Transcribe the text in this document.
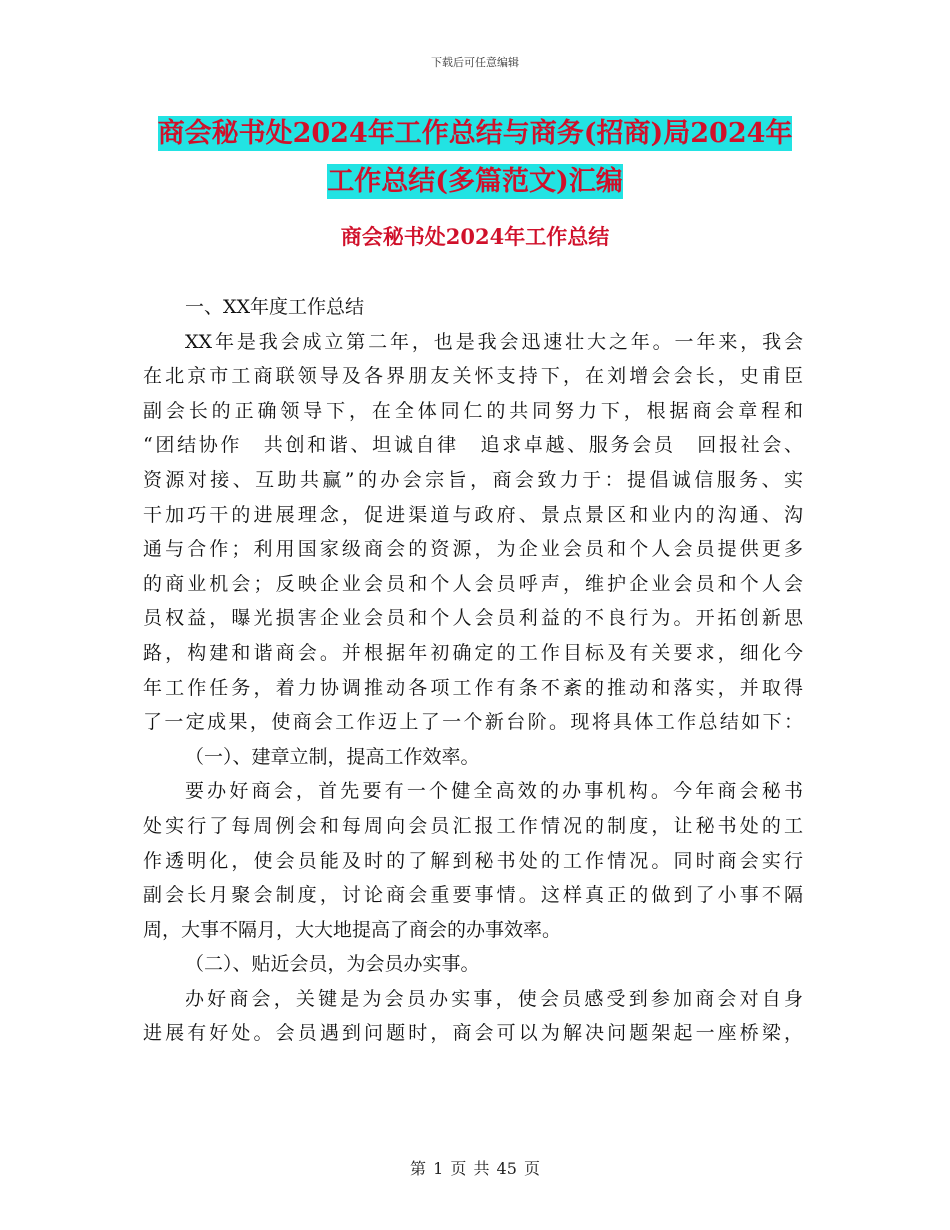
下载后可任意编辑
商会秘书处2024年工作总结与商务(招商)局2024年
工作总结(多篇范文)汇编
商会秘书处2024年工作总结
一、XX年度工作总结
XX年是我会成立第二年，也是我会迅速壮大之年。一年来，我会
在北京市工商联领导及各界朋友关怀支持下，在刘增会会长，史甫臣
副会长的正确领导下，在全体同仁的共同努力下，根据商会章程和
“团结协作　共创和谐、坦诚自律　追求卓越、服务会员　回报社会、
资源对接、互助共赢”的办会宗旨，商会致力于：提倡诚信服务、实
干加巧干的进展理念，促进渠道与政府、景点景区和业内的沟通、沟
通与合作；利用国家级商会的资源，为企业会员和个人会员提供更多
的商业机会；反映企业会员和个人会员呼声，维护企业会员和个人会
员权益，曝光损害企业会员和个人会员利益的不良行为。开拓创新思
路，构建和谐商会。并根据年初确定的工作目标及有关要求，细化今
年工作任务，着力协调推动各项工作有条不紊的推动和落实，并取得
了一定成果，使商会工作迈上了一个新台阶。现将具体工作总结如下：
（一）、建章立制，提高工作效率。
要办好商会，首先要有一个健全高效的办事机构。今年商会秘书
处实行了每周例会和每周向会员汇报工作情况的制度，让秘书处的工
作透明化，使会员能及时的了解到秘书处的工作情况。同时商会实行
副会长月聚会制度，讨论商会重要事情。这样真正的做到了小事不隔
周，大事不隔月，大大地提高了商会的办事效率。
（二）、贴近会员，为会员办实事。
办好商会，关键是为会员办实事，使会员感受到参加商会对自身
进展有好处。会员遇到问题时，商会可以为解决问题架起一座桥梁，
第 1 页 共 45 页
